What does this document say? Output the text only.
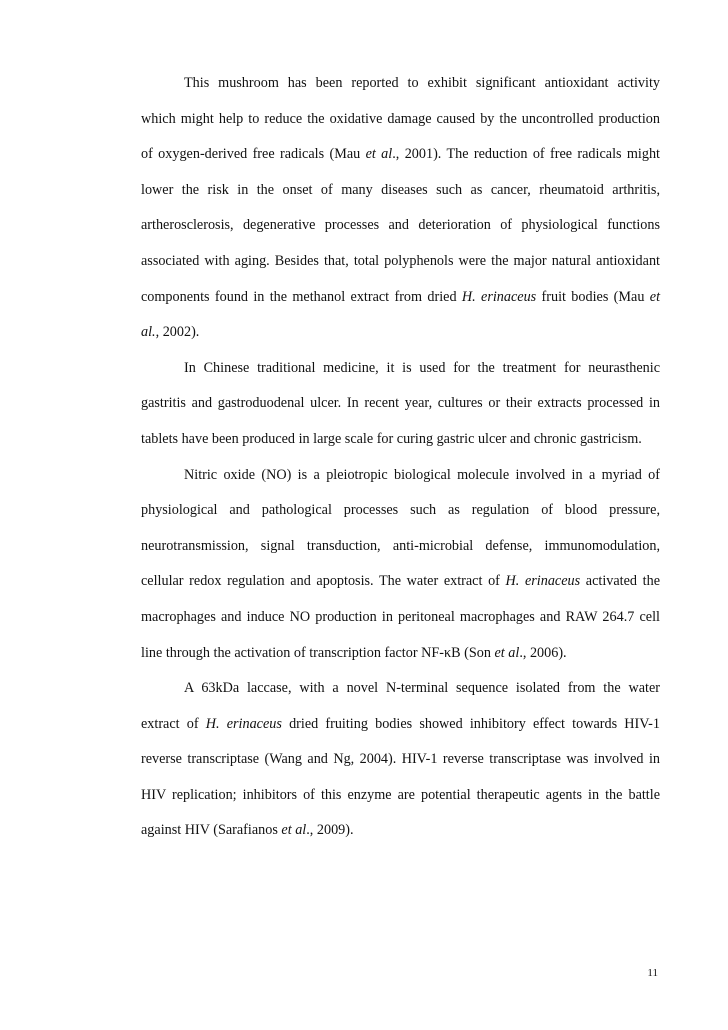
This mushroom has been reported to exhibit significant antioxidant activity
which might help to reduce the oxidative damage caused by the uncontrolled production
of oxygen-derived free radicals (Mau et al., 2001). The reduction of free radicals might
lower the risk in the onset of many diseases such as cancer, rheumatoid arthritis,
artherosclerosis, degenerative processes and deterioration of physiological functions
associated with aging. Besides that, total polyphenols were the major natural antioxidant
components found in the methanol extract from dried H. erinaceus fruit bodies (Mau et
al., 2002).

In Chinese traditional medicine, it is used for the treatment for neurasthenic
gastritis and gastroduodenal ulcer. In recent year, cultures or their extracts processed in
tablets have been produced in large scale for curing gastric ulcer and chronic gastricism.

Nitric oxide (NO) is a pleiotropic biological molecule involved in a myriad of
physiological and pathological processes such as regulation of blood pressure,
neurotransmission, signal transduction, anti-microbial defense, immunomodulation,
cellular redox regulation and apoptosis. The water extract of H. erinaceus activated the
macrophages and induce NO production in peritoneal macrophages and RAW 264.7 cell
line through the activation of transcription factor NF-κB (Son et al., 2006).

A 63kDa laccase, with a novel N-terminal sequence isolated from the water
extract of H. erinaceus dried fruiting bodies showed inhibitory effect towards HIV-1
reverse transcriptase (Wang and Ng, 2004). HIV-1 reverse transcriptase was involved in
HIV replication; inhibitors of this enzyme are potential therapeutic agents in the battle
against HIV (Sarafianos et al., 2009).

11
